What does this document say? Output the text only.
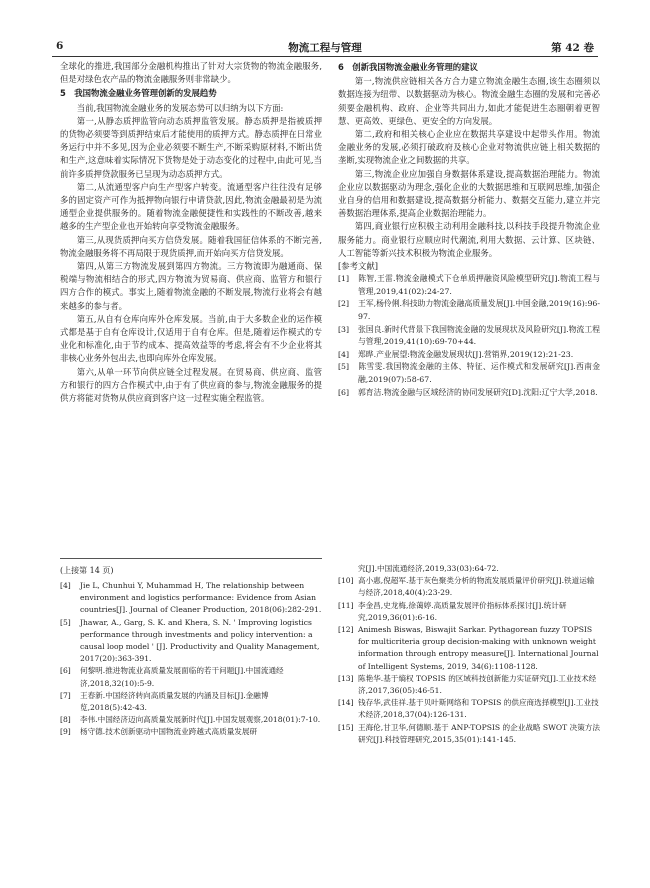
6	物流工程与管理	第 42 卷

全球化的推进,我国部分金融机构推出了针对大宗货物的物流金融服务,但是对绿色农产品的物流金融服务则非常缺少。

5　我国物流金融业务管理创新的发展趋势

当前,我国物流金融业务的发展态势可以归纳为以下方面:

第一,从静态质押监管向动态质押监管发展。静态质押是指被质押的货物必须要等到质押结束后才能使用的质押方式。静态质押在日常业务运行中并不多见,因为企业必须要不断生产,不断采购原材料,不断出货和生产,这意味着实际情况下货物是处于动态变化的过程中,由此可见,当前许多质押贷款服务已呈现为动态质押方式。

第二,从流通型客户向生产型客户转变。流通型客户往往没有足够多的固定资产可作为抵押物向银行申请贷款,因此,物流金融最初是为流通型企业提供服务的。随着物流金融便捷性和实践性的不断改善,越来越多的生产型企业也开始转向享受物流金融服务。

第三,从现货质押向买方信贷发展。随着我国征信体系的不断完善,物流金融服务将不再局限于现货质押,而开始向买方信贷发展。

第四,从第三方物流发展到第四方物流。三方物流即为融通商、保税端与物流相结合的形式,四方物流为贸易商、供应商、监管方和银行四方合作的模式。事实上,随着物流金融的不断发展,物流行业将会有越来越多的参与者。

第五,从自有仓库向库外仓库发展。当前,由于大多数企业的运作模式都是基于自有仓库设计,仅适用于自有仓库。但是,随着运作模式的专业化和标准化,由于节约成本、提高效益等的考虑,将会有不少企业将其非核心业务外包出去,也即向库外仓库发展。

第六,从单一环节向供应链全过程发展。在贸易商、供应商、监管方和银行的四方合作模式中,由于有了供应商的参与,物流金融服务的提供方将能对货物从供应商到客户这一过程实施全程监管。

6　创新我国物流金融业务管理的建议

第一,物流供应链相关各方合力建立物流金融生态圈,该生态圈须以数据连接为纽带、以数据驱动为核心。物流金融生态圈的发展和完善必须要金融机构、政府、企业等共同出力,如此才能促进生态圈朝着更智慧、更高效、更绿色、更安全的方向发展。

第二,政府和相关核心企业应在数据共享建设中起带头作用。物流金融业务的发展,必须打破政府及核心企业对物流供应链上相关数据的垄断,实现物流企业之间数据的共享。

第三,物流企业应加强自身数据体系建设,提高数据治理能力。物流企业应以数据驱动为理念,强化企业的大数据思维和互联网思维,加强企业自身的信用和数据建设,提高数据分析能力、数据交互能力,建立并完善数据治理体系,提高企业数据治理能力。

第四,商业银行应积极主动利用金融科技,以科技手段提升物流企业服务能力。商业银行应顺应时代潮流,利用大数据、云计算、区块链、人工智能等新兴技术积极为物流企业服务。

[参考文献]

[1] 陈智,王雷.物流金融模式下仓单质押融资风险模型研究[J].物流工程与管理,2019,41(02):24-27.

[2] 王军,杨伶俐.科技助力物流金融高质量发展[J].中国金融,2019(16):96-97.

[3] 张国良.新时代背景下我国物流金融的发展现状及风险研究[J].物流工程与管理,2019,41(10):69-70+44.

[4] 郑晔.产业展望:物流金融发展现状[J].营销界,2019(12):21-23.

[5] 陈雪雯.我国物流金融的主体、特征、运作模式和发展研究[J].西南金融,2019(07):58-67.

[6] 郭育洁.物流金融与区域经济的协同发展研究[D].沈阳:辽宁大学,2018.

(上接第 14 页)

[4] Jie L, Chunhui Y, Muhammad H, The relationship between environment and logistics performance: Evidence from Asian countries[J]. Journal of Cleaner Production, 2018(06):282-291.

[5] Jhawar, A., Garg, S. K. and Khera, S. N. ' Improving logistics performance through investments and policy intervention: a causal loop model ' [J]. Productivity and Quality Management, 2017(20):363-391.

[6] 何黎明.推进物流业高质量发展面临的若干问题[J].中国流通经济,2018,32(10):5-9.

[7] 王春新.中国经济转向高质量发展的内涵及目标[J].金融博览,2018(5):42-43.

[8] 李伟.中国经济迈向高质量发展新时代[J].中国发展观察,2018(01):7-10.

[9] 杨守德.技术创新驱动中国物流业跨越式高质量发展研

究[J].中国流通经济,2019,33(03):64-72.

[10] 高小惠,倪超军.基于灰色聚类分析的物流发展质量评价研究[J].铁道运输与经济,2018,40(4):23-29.

[11] 李金昌,史龙梅,徐蔼婷.高质量发展评价指标体系探讨[J].统计研究,2019,36(01):6-16.

[12] Animesh Biswas, Biswajit Sarkar. Pythagorean fuzzy TOPSIS for multicriteria group decision-making with unknown weight information through entropy measure[J]. International Journal of Intelligent Systems, 2019, 34(6):1108-1128.

[13] 陈艳华.基于熵权 TOPSIS 的区域科技创新能力实证研究[J].工业技术经济,2017,36(05):46-51.

[14] 钱存华,武佳祥.基于贝叶斯网络和 TOPSIS 的供应商选择模型[J].工业技术经济,2018,37(04):126-131.

[15] 王海伦,甘卫华,何德顺.基于 ANP-TOPSIS 的企业战略 SWOT 决策方法研究[J].科技管理研究,2015,35(01):141-145.
